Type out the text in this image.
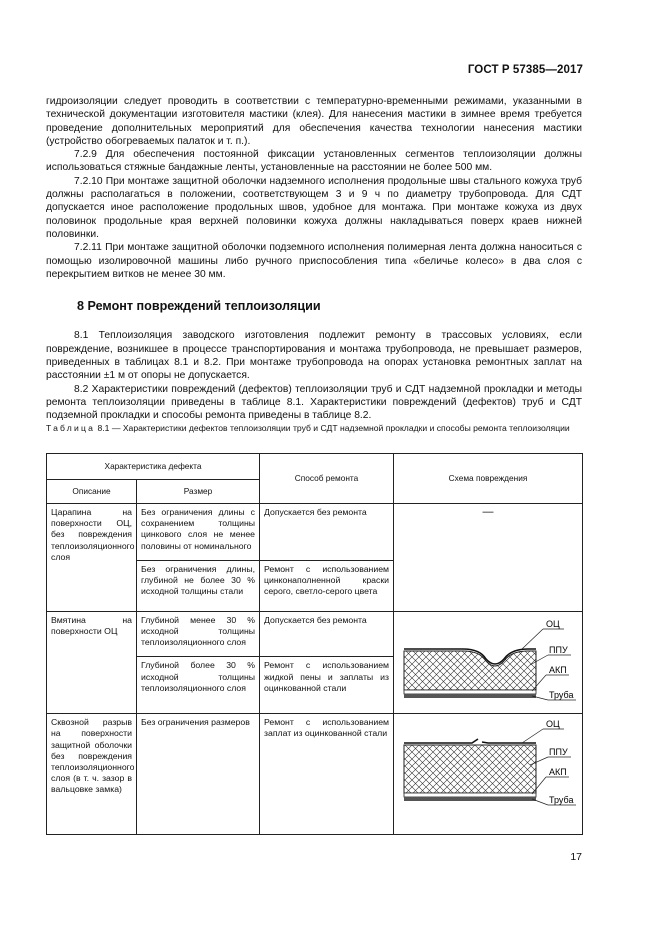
ГОСТ Р 57385—2017

гидроизоляции следует проводить в соответствии с температурно-временными режимами, указанными в технической документации изготовителя мастики (клея). Для нанесения мастики в зимнее время требуется проведение дополнительных мероприятий для обеспечения качества технологии нанесения мастики (устройство обогреваемых палаток и т. п.).

7.2.9 Для обеспечения постоянной фиксации установленных сегментов теплоизоляции должны использоваться стяжные бандажные ленты, установленные на расстоянии не более 500 мм.

7.2.10 При монтаже защитной оболочки надземного исполнения продольные швы стального кожуха труб должны располагаться в положении, соответствующем 3 и 9 ч по диаметру трубопровода. Для СДТ допускается иное расположение продольных швов, удобное для монтажа. При монтаже кожуха из двух половинок продольные края верхней половинки кожуха должны накладываться поверх краев нижней половинки.

7.2.11 При монтаже защитной оболочки подземного исполнения полимерная лента должна наноситься с помощью изолировочной машины либо ручного приспособления типа «беличье колесо» в два слоя с перекрытием витков не менее 30 мм.

8 Ремонт повреждений теплоизоляции

8.1 Теплоизоляция заводского изготовления подлежит ремонту в трассовых условиях, если повреждение, возникшее в процессе транспортирования и монтажа трубопровода, не превышает размеров, приведенных в таблицах 8.1 и 8.2. При монтаже трубопровода на опорах установка ремонтных заплат на расстоянии ±1 м от опоры не допускается.

8.2 Характеристики повреждений (дефектов) теплоизоляции труб и СДТ надземной прокладки и методы ремонта теплоизоляции приведены в таблице 8.1. Характеристики повреждений (дефектов) труб и СДТ подземной прокладки и способы ремонта приведены в таблице 8.2.

Таблица 8.1 — Характеристики дефектов теплоизоляции труб и СДТ надземной прокладки и способы ремонта теплоизоляции
Характеристика дефекта		Способ ремонта	Схема повреждения
Описание	Размер		
Царапина на поверхности ОЦ, без повреждения теплоизоляционного слоя	Без ограничения длины с сохранением толщины цинкового слоя не менее половины от номинального	Допускается без ремонта	—
	Без ограничения длины, глубиной не более 30 % исходной толщины стали	Ремонт с использованием цинконаполненной краски серого, светло-серого цвета	
Вмятина на поверхности ОЦ	Глубиной менее 30 % исходной толщины теплоизоляционного слоя	Допускается без ремонта	ОЦ
ППУ
АКП
Труба

	Глубиной более 30 % исходной толщины теплоизоляционного слоя	Ремонт с использованием жидкой пены и заплаты из оцинкованной стали	
Сквозной разрыв на поверхности защитной оболочки без повреждения теплоизоляционного слоя (в т. ч. зазор в вальцовке замка)	Без ограничения размеров	Ремонт с использованием заплат из оцинкованной стали	ОЦ
ППУ
АКП
Труба
17
